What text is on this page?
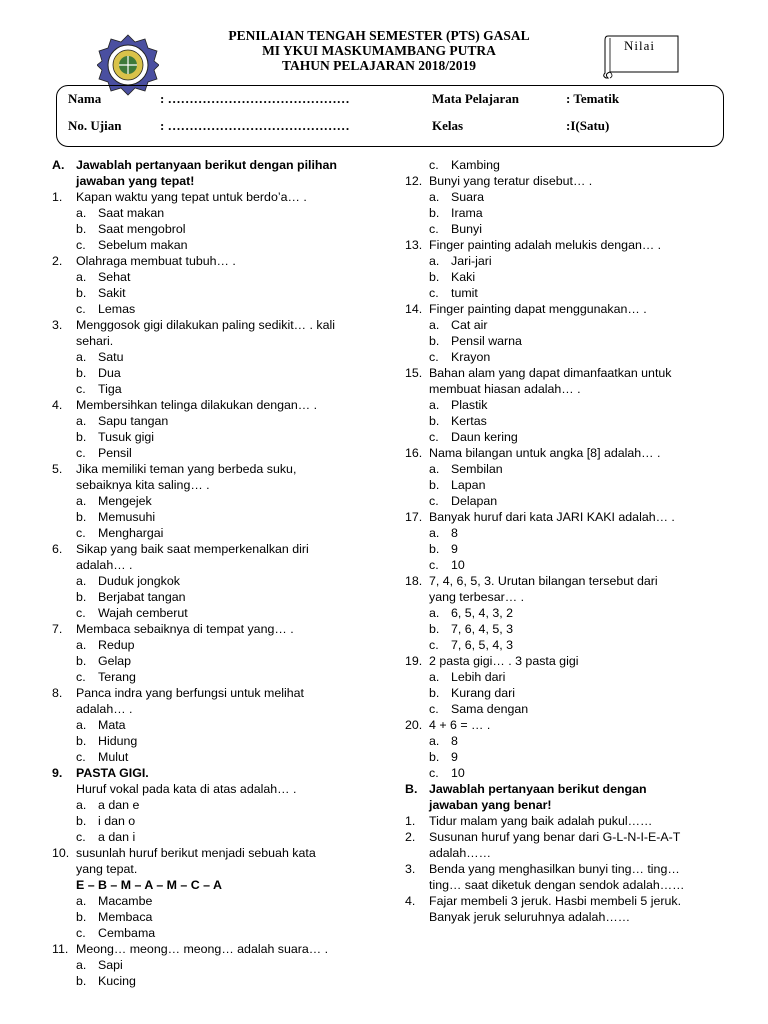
PENILAIAN TENGAH SEMESTER (PTS) GASAL
MI YKUI MASKUMAMBANG PUTRA
TAHUN PELAJARAN 2018/2019
Nilai
Nama	: ……………………………………
No. Ujian	: ……………………………………
Mata Pelajaran	: Tematik
Kelas	:I(Satu)
A. Jawablah pertanyaan berikut dengan pilihan
jawaban yang tepat!
1. Kapan waktu yang tepat untuk berdo’a… .
a. Saat makan
b. Saat mengobrol
c. Sebelum makan
2. Olahraga membuat tubuh… .
a. Sehat
b. Sakit
c. Lemas
3. Menggosok gigi dilakukan paling sedikit… . kali
sehari.
a. Satu
b. Dua
c. Tiga
4. Membersihkan telinga dilakukan dengan… .
a. Sapu tangan
b. Tusuk gigi
c. Pensil
5. Jika memiliki teman yang berbeda suku,
sebaiknya kita saling… .
a. Mengejek
b. Memusuhi
c. Menghargai
6. Sikap yang baik saat memperkenalkan diri
adalah… .
a. Duduk jongkok
b. Berjabat tangan
c. Wajah cemberut
7. Membaca sebaiknya di tempat yang… .
a. Redup
b. Gelap
c. Terang
8. Panca indra yang berfungsi untuk melihat
adalah… .
a. Mata
b. Hidung
c. Mulut
9. PASTA GIGI.
Huruf vokal pada kata di atas adalah… .
a. a dan e
b. i dan o
c. a dan i
10. susunlah huruf berikut menjadi sebuah kata
yang tepat.
E – B – M – A – M – C – A
a. Macambe
b. Membaca
c. Cembama
11. Meong… meong… meong… adalah suara… .
a. Sapi
b. Kucing
c. Kambing
12. Bunyi yang teratur disebut… .
a. Suara
b. Irama
c. Bunyi
13. Finger painting adalah melukis dengan… .
a. Jari-jari
b. Kaki
c. tumit
14. Finger painting dapat menggunakan… .
a. Cat air
b. Pensil warna
c. Krayon
15. Bahan alam yang dapat dimanfaatkan untuk
membuat hiasan adalah… .
a. Plastik
b. Kertas
c. Daun kering
16. Nama bilangan untuk angka [8] adalah… .
a. Sembilan
b. Lapan
c. Delapan
17. Banyak huruf dari kata JARI KAKI adalah… .
a. 8
b. 9
c. 10
18. 7, 4, 6, 5, 3. Urutan bilangan tersebut dari
yang terbesar… .
a. 6, 5, 4, 3, 2
b. 7, 6, 4, 5, 3
c. 7, 6, 5, 4, 3
19. 2 pasta gigi… . 3 pasta gigi
a. Lebih dari
b. Kurang dari
c. Sama dengan
20. 4 + 6 = … .
a. 8
b. 9
c. 10
B. Jawablah pertanyaan berikut dengan
jawaban yang benar!
1. Tidur malam yang baik adalah pukul……
2. Susunan huruf yang benar dari G-L-N-I-E-A-T
adalah……
3. Benda yang menghasilkan bunyi ting… ting…
ting… saat diketuk dengan sendok adalah……
4. Fajar membeli 3 jeruk. Hasbi membeli 5 jeruk.
Banyak jeruk seluruhnya adalah……
